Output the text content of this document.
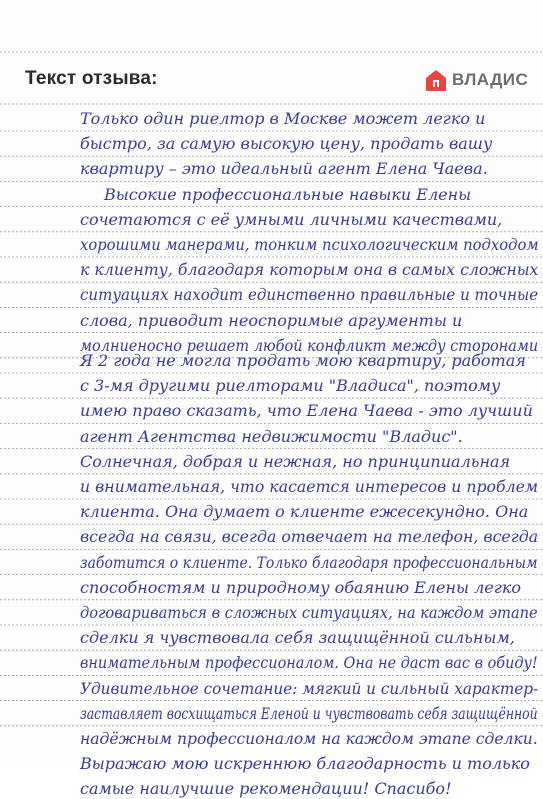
Текст отзыва:	ВЛАДИС
Только один риелтор в Москве может легко и
быстро, за самую высокую цену, продать вашу
квартиру – это идеальный агент Елена Чаева.
Высокие профессиональные навыки Елены
сочетаются с её умными личными качествами,
хорошими манерами, тонким психологическим подходом
к клиенту, благодаря которым она в самых сложных
ситуациях находит единственно правильные и точные
слова, приводит неоспоримые аргументы и
молниеносно решает любой конфликт между сторонами
Я 2 года не могла продать мою квартиру, работая
с 3-мя другими риелторами "Владиса", поэтому
имею право сказать, что Елена Чаева - это лучший
агент Агентства недвижимости "Владис".
Солнечная, добрая и нежная, но принципиальная
и внимательная, что касается интересов и проблем
клиента. Она думает о клиенте ежесекундно. Она
всегда на связи, всегда отвечает на телефон, всегда
заботится о клиенте. Только благодаря профессиональным
способностям и природному обаянию Елены легко
договариваться в сложных ситуациях, на каждом этапе
сделки я чувствовала себя защищённой сильным,
внимательным профессионалом. Она не даст вас в обиду!
Удивительное сочетание: мягкий и сильный характер-
заставляет восхищаться Еленой и чувствовать себя защищённой
надёжным профессионалом на каждом этапе сделки.
Выражаю мою искреннюю благодарность и только
самые наилучшие рекомендации! Спасибо!
